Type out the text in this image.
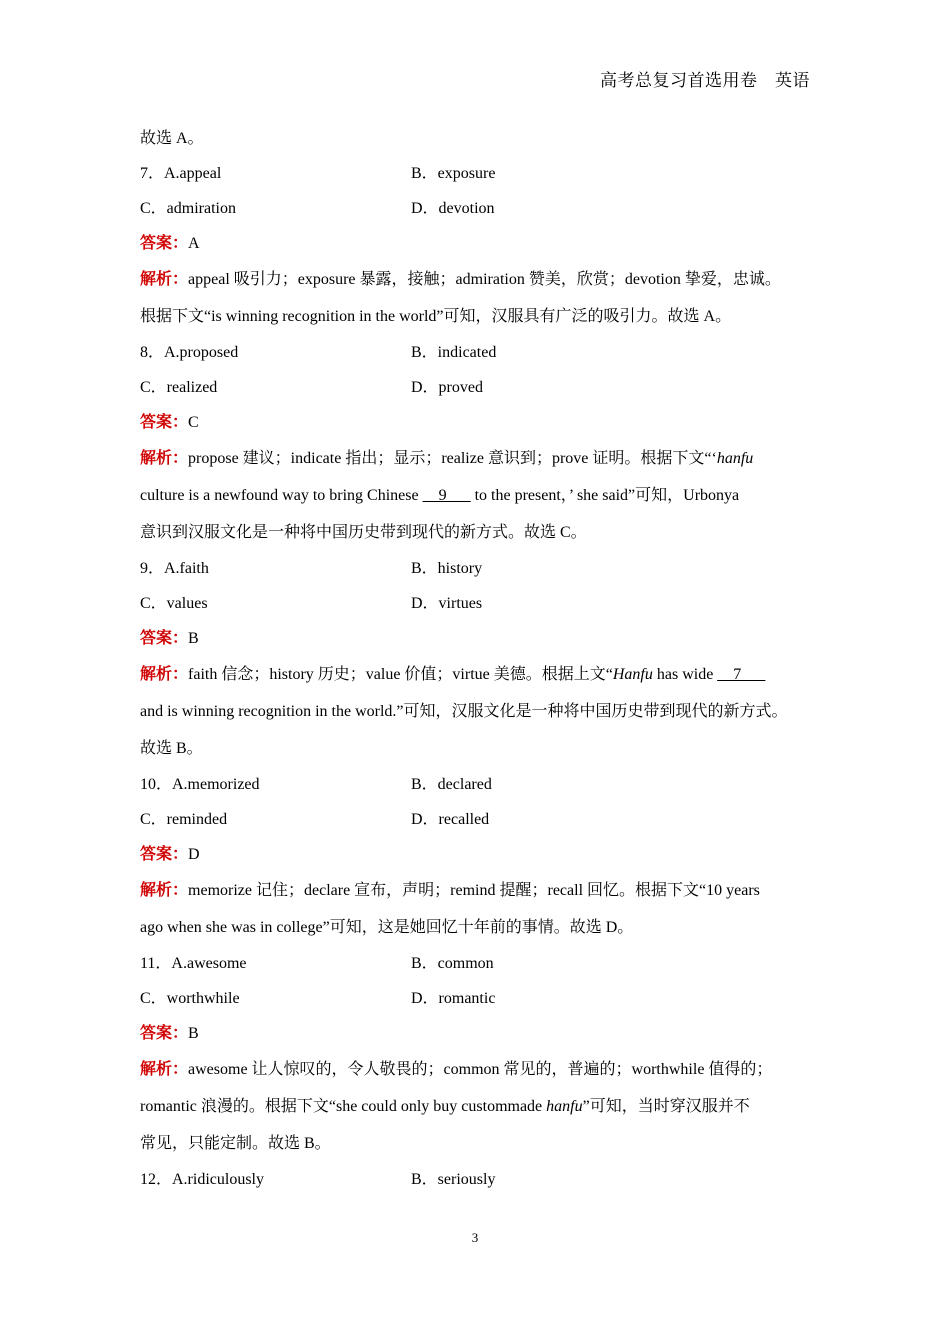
高考总复习首选用卷　英语
故选 A。
7．A.appeal	B．exposure
C．admiration	D．devotion
答案：A
解析：appeal 吸引力；exposure 暴露，接触；admiration 赞美，欣赏；devotion 挚爱，忠诚。
根据下文“is winning recognition in the world”可知，汉服具有广泛的吸引力。故选 A。
8．A.proposed	B．indicated
C．realized	D．proved
答案：C
解析：propose 建议；indicate 指出；显示；realize 意识到；prove 证明。根据下文“‘hanfu
culture is a newfound way to bring Chinese __9___ to the present，’ she said”可知，Urbonya
意识到汉服文化是一种将中国历史带到现代的新方式。故选 C。
9．A.faith	B．history
C．values	D．virtues
答案：B
解析：faith 信念；history 历史；value 价值；virtue 美德。根据上文“Hanfu has wide __7___
and is winning recognition in the world.”可知，汉服文化是一种将中国历史带到现代的新方式。
故选 B。
10．A.memorized	B．declared
C．reminded	D．recalled
答案：D
解析：memorize 记住；declare 宣布，声明；remind 提醒；recall 回忆。根据下文“10 years
ago when she was in college”可知，这是她回忆十年前的事情。故选 D。
11．A.awesome	B．common
C．worthwhile	D．romantic
答案：B
解析：awesome 让人惊叹的，令人敬畏的；common 常见的，普遍的；worthwhile 值得的；
romantic 浪漫的。根据下文“she could only buy custommade hanfu”可知，当时穿汉服并不
常见，只能定制。故选 B。
12．A.ridiculously	B．seriously
3
